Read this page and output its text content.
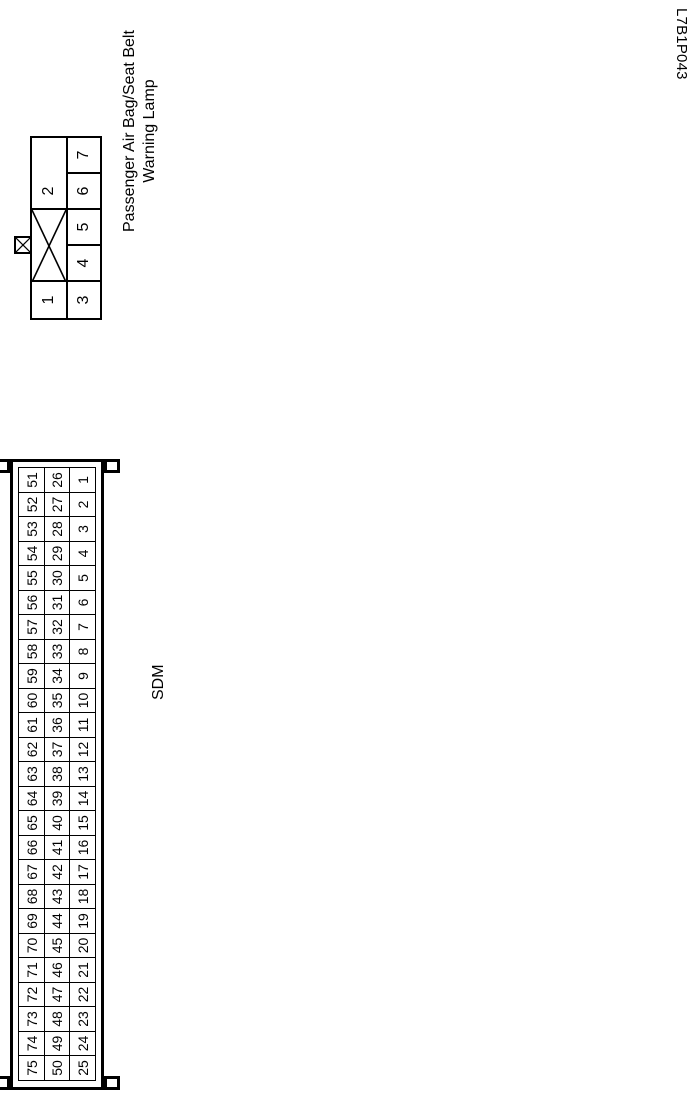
L7B1P043
1
2
3
4
5
6
7	Passenger Air Bag/Seat Belt Warning Lamp
75
74
73
72
71
70
69
68
67
66
65
64
63
62
61
60
59
58
57
56
55
54
53
52
51
50
49
48
47
46
45
44
43
42
41
40
39
38
37
36
35
34
33
32
31
30
29
28
27
26
25
24
23
22
21
20
19
18
17
16
15
14
13
12
11
10
9
8
7
6
5
4
3
2
1
SDM
